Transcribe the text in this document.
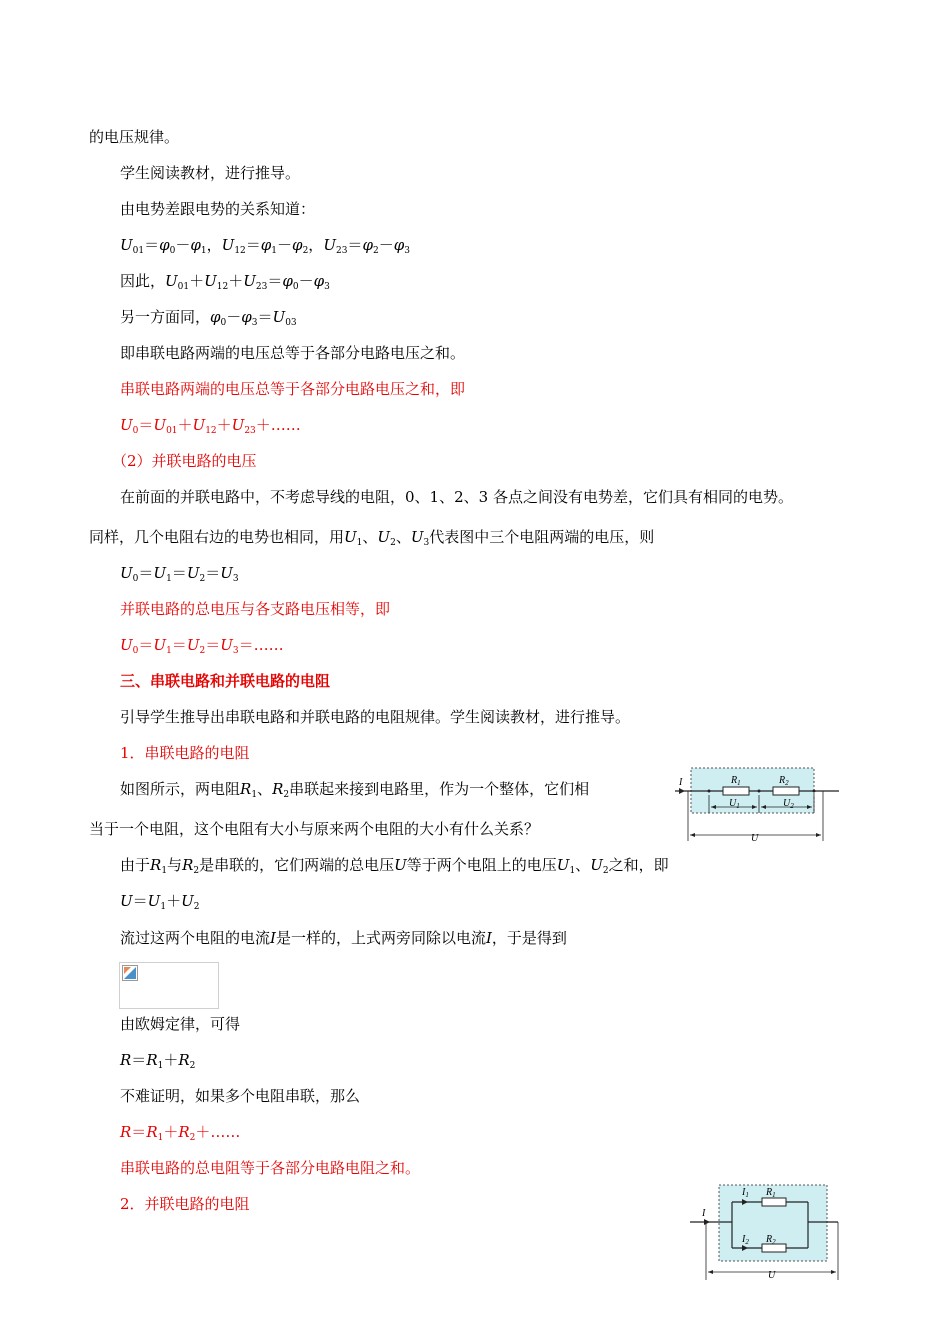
的电压规律。
学生阅读教材，进行推导。
由电势差跟电势的关系知道：
$U_{01}=\varphi_0-\varphi_1$，$U_{12}=\varphi_1-\varphi_2$，$U_{23}=\varphi_2-\varphi_3$
因此，$U_{01}+U_{12}+U_{23}=\varphi_0-\varphi_3$
另一方面同，$\varphi_0-\varphi_3=U_{03}$
即串联电路两端的电压总等于各部分电路电压之和。
串联电路两端的电压总等于各部分电路电压之和，即
$U_0=U_{01}+U_{12}+U_{23}+\dots\dots$
（2）并联电路的电压
在前面的并联电路中，不考虑导线的电阻，0、1、2、3 各点之间没有电势差，它们具有相同的电势。
同样，几个电阻右边的电势也相同，用$U_1$、$U_2$、$U_3$代表图中三个电阻两端的电压，则
$U_0=U_1=U_2=U_3$
并联电路的总电压与各支路电压相等，即
$U_0=U_1=U_2=U_3=\dots\dots$
三、串联电路和并联电路的电阻
引导学生推导出串联电路和并联电路的电阻规律。学生阅读教材，进行推导。
1．串联电路的电阻
如图所示，两电阻$R_1$、$R_2$串联起来接到电路里，作为一个整体，它们相
当于一个电阻，这个电阻有大小与原来两个电阻的大小有什么关系？
由于$R_1$与$R_2$是串联的，它们两端的总电压U等于两个电阻上的电压$U_1$、$U_2$之和，即
$U=U_1+U_2$
流过这两个电阻的电流I是一样的，上式两旁同除以电流I，于是得到
由欧姆定律，可得
$R=R_1+R_2$
不难证明，如果多个电阻串联，那么
$R=R_1+R_2+\dots\dots$
串联电路的总电阻等于各部分电路电阻之和。
2．并联电路的电阻
I	$R_1$	$R_2$
$U_1$	$U_2$
U
I
$I_1$ $R_1$
$I_2$ $R_2$
U
